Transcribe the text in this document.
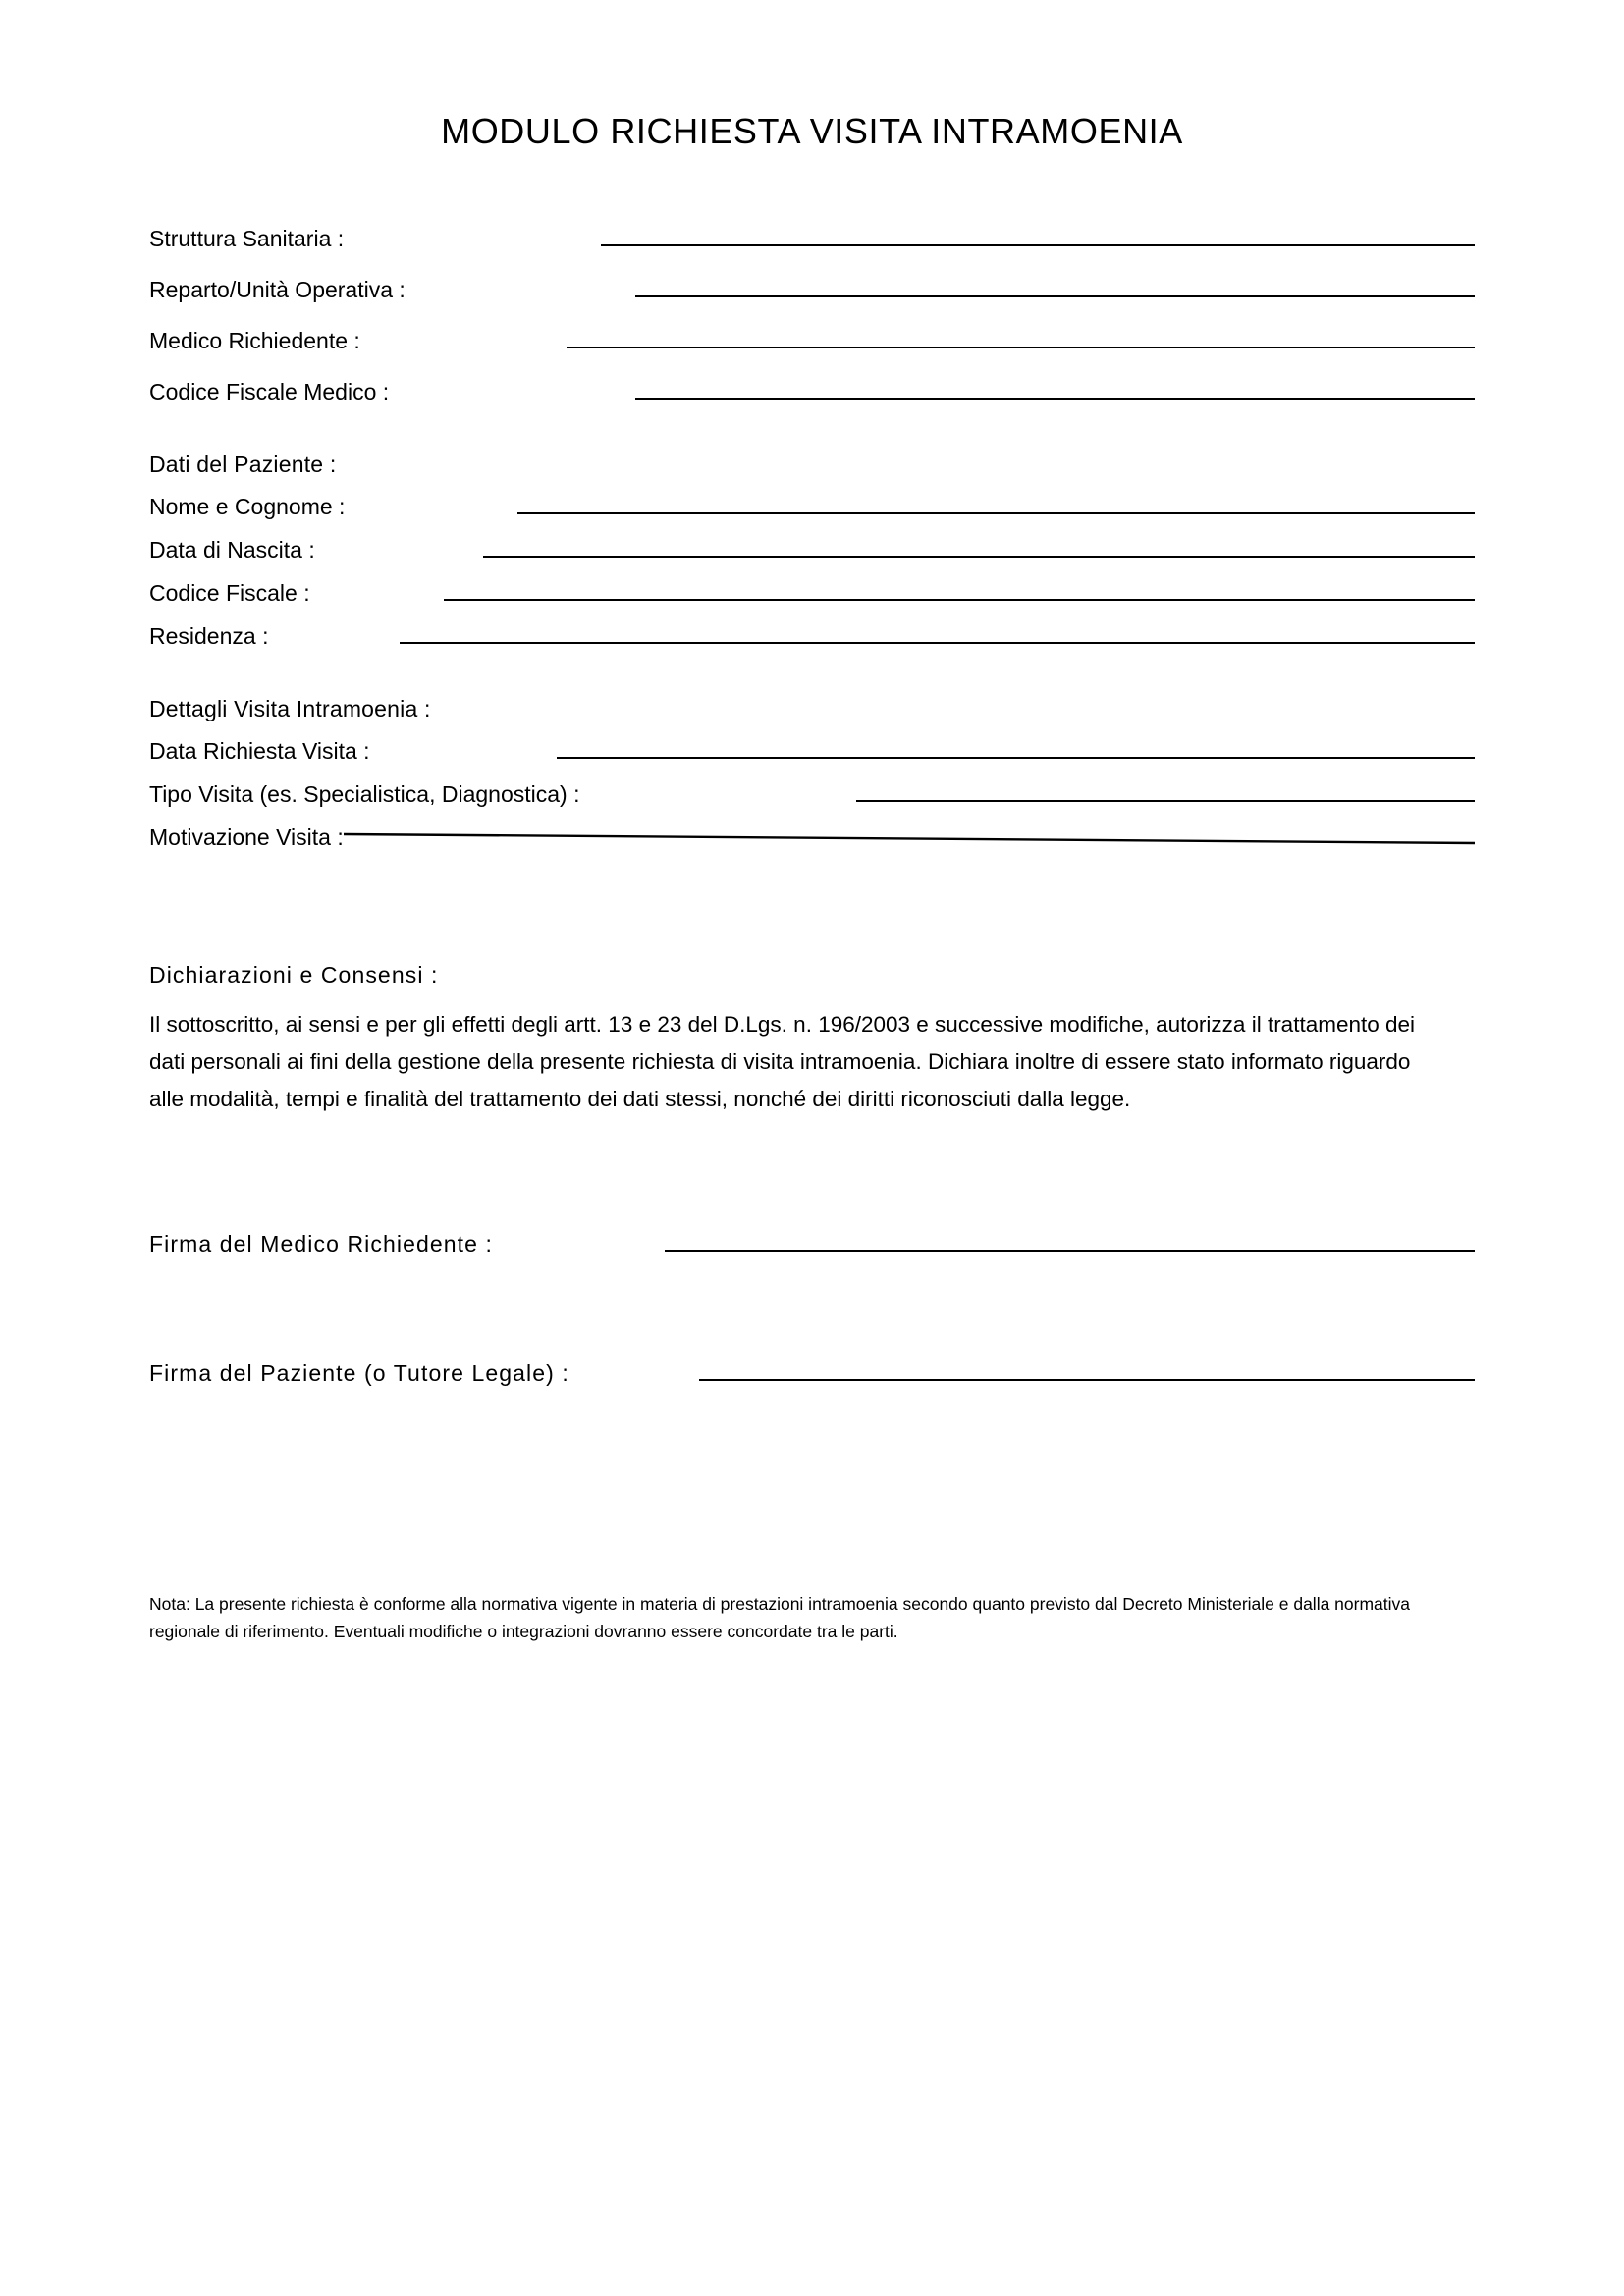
MODULO RICHIESTA VISITA INTRAMOENIA
Struttura Sanitaria :
Reparto/Unità Operativa :
Medico Richiedente :
Codice Fiscale Medico :
Dati del Paziente :
Nome e Cognome :
Data di Nascita :
Codice Fiscale :
Residenza :
Dettagli Visita Intramoenia :
Data Richiesta Visita :
Tipo Visita (es. Specialistica, Diagnostica) :
Motivazione Visita :
Dichiarazioni e Consensi :
Il sottoscritto, ai sensi e per gli effetti degli artt. 13 e 23 del D.Lgs. n. 196/2003 e successive modifiche, autorizza il trattamento dei dati personali ai fini della gestione della presente richiesta di visita intramoenia. Dichiara inoltre di essere stato informato riguardo alle modalità, tempi e finalità del trattamento dei dati stessi, nonché dei diritti riconosciuti dalla legge.
Firma del Medico Richiedente :
Firma del Paziente (o Tutore Legale) :
Nota: La presente richiesta è conforme alla normativa vigente in materia di prestazioni intramoenia secondo quanto previsto dal Decreto Ministeriale e dalla normativa regionale di riferimento. Eventuali modifiche o integrazioni dovranno essere concordate tra le parti.
